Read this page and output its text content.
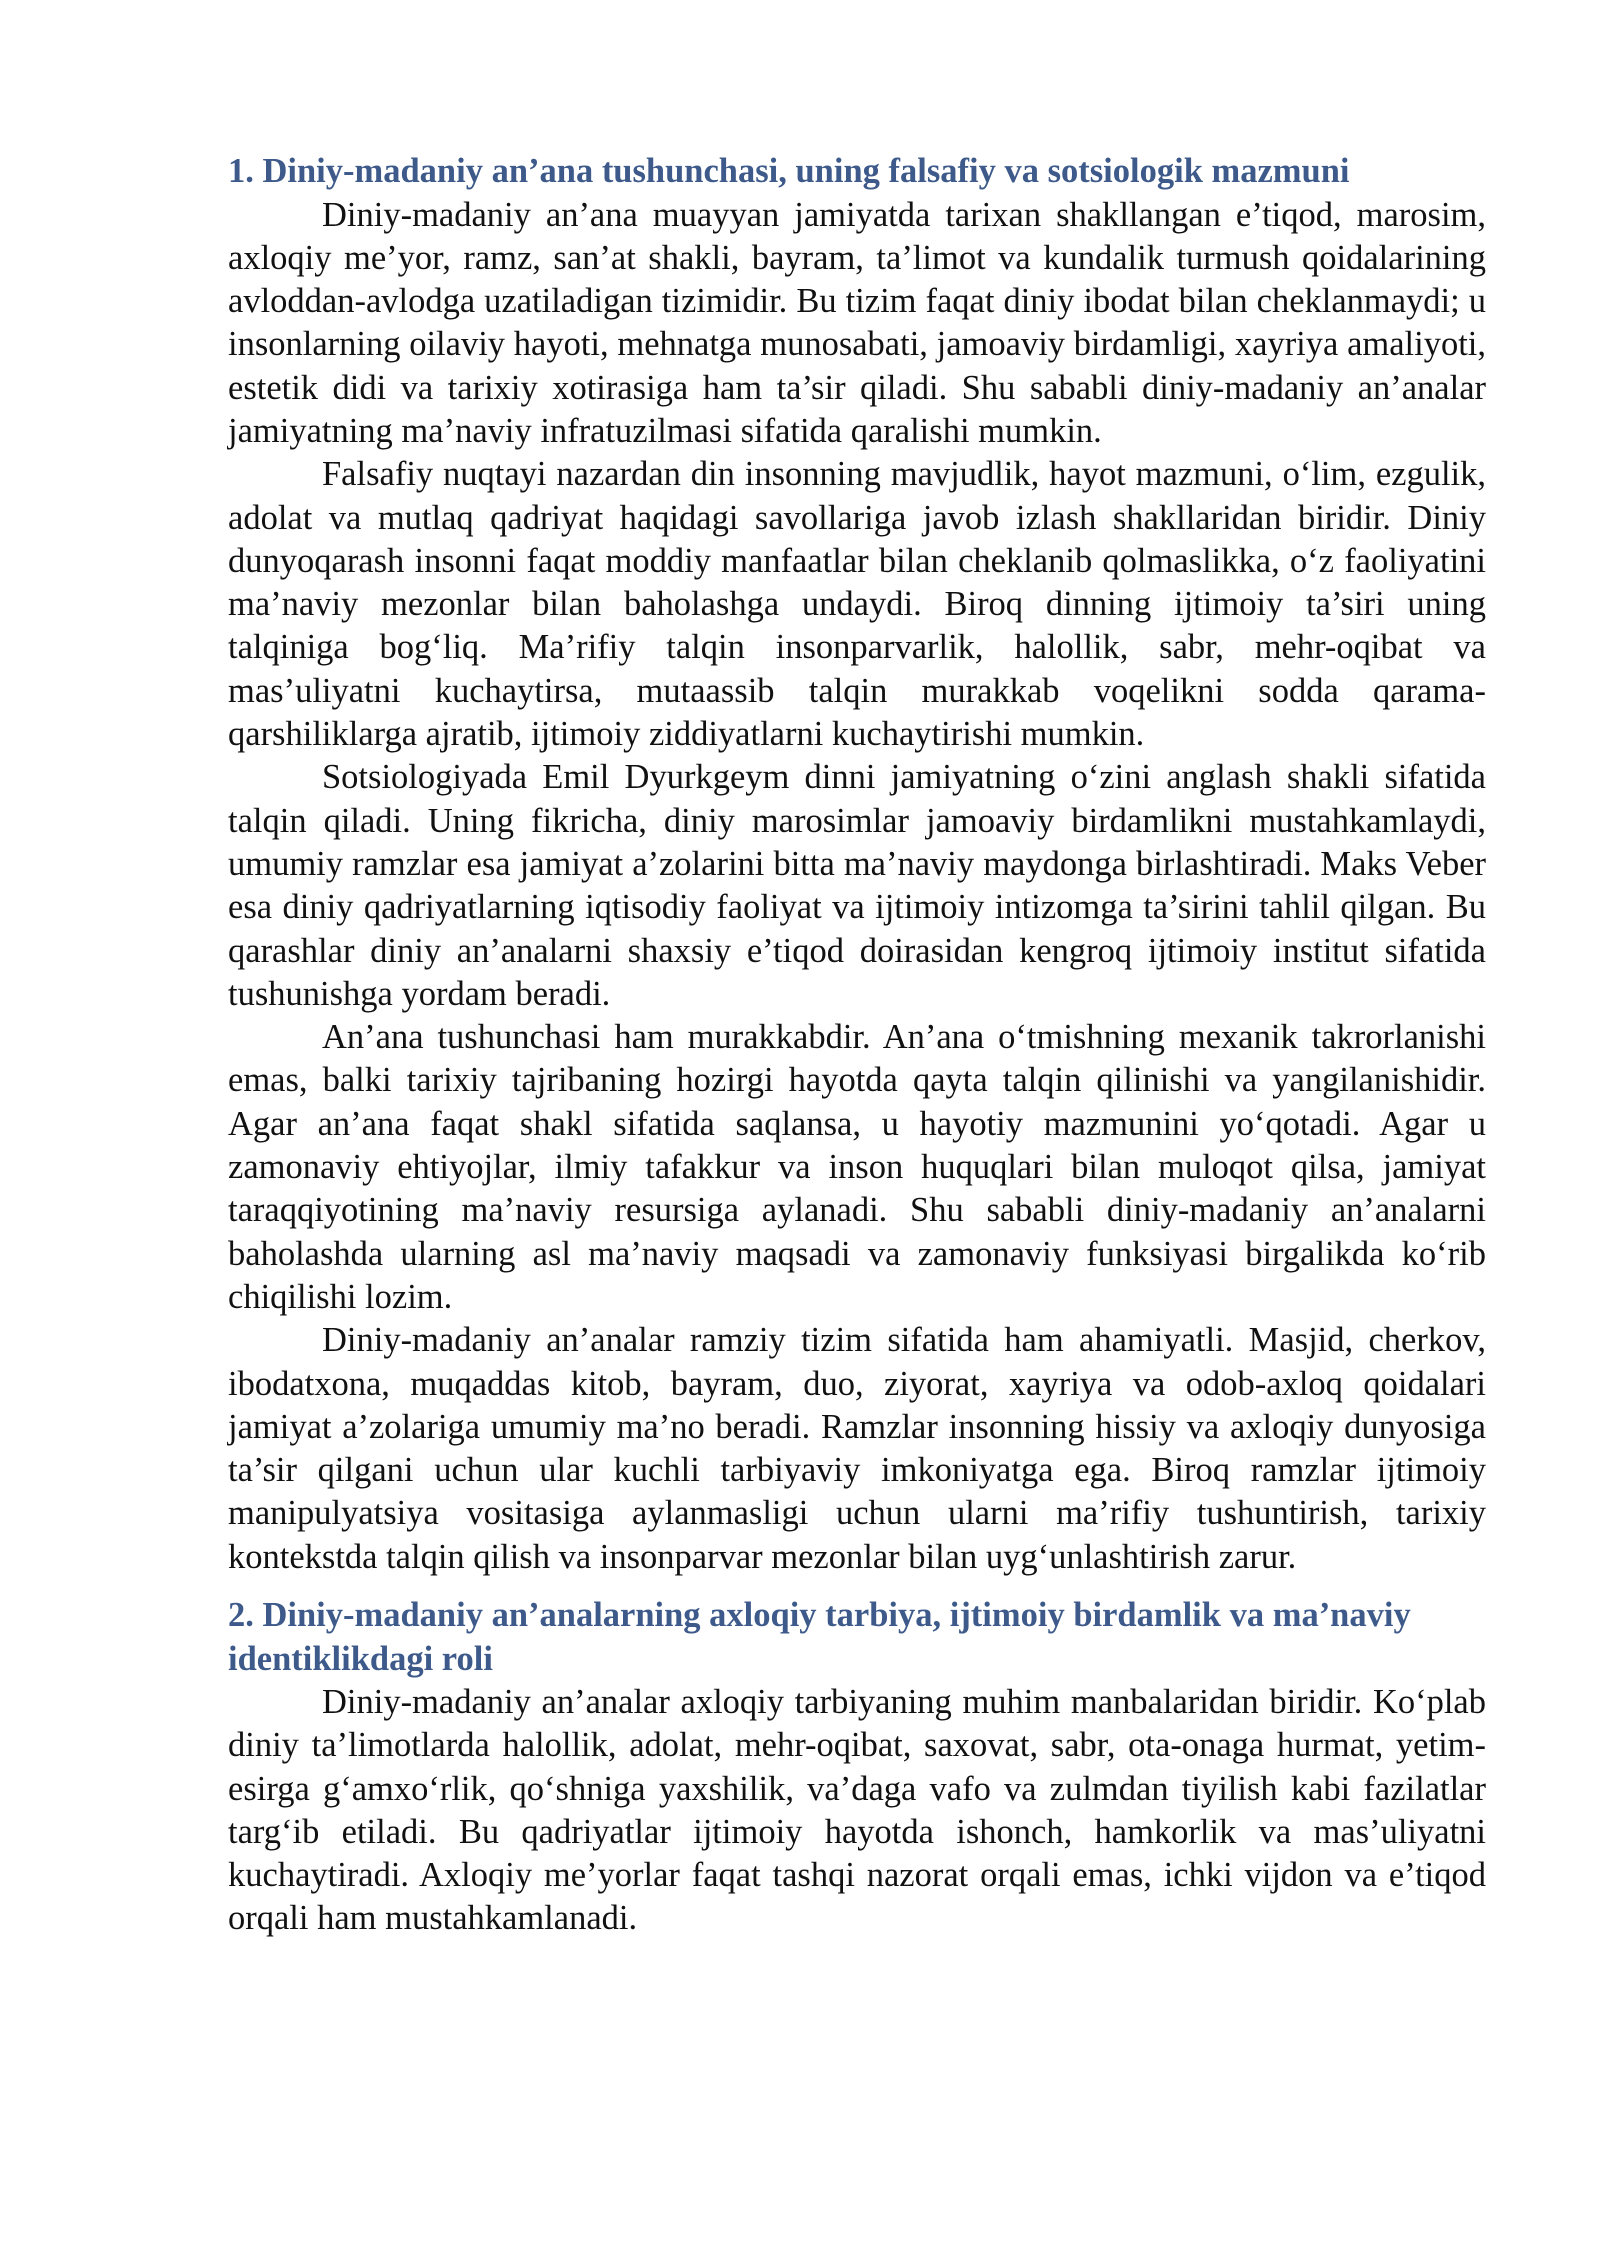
1. Diniy-madaniy an’ana tushunchasi, uning falsafiy va sotsiologik mazmuni

Diniy-madaniy an’ana muayyan jamiyatda tarixan shakllangan e’tiqod, marosim, axloqiy me’yor, ramz, san’at shakli, bayram, ta’limot va kundalik turmush qoidalarining avloddan-avlodga uzatiladigan tizimidir. Bu tizim faqat diniy ibodat bilan cheklanmaydi; u insonlarning oilaviy hayoti, mehnatga munosabati, jamoaviy birdamligi, xayriya amaliyoti, estetik didi va tarixiy xotirasiga ham ta’sir qiladi. Shu sababli diniy-madaniy an’analar jamiyatning ma’naviy infratuzilmasi sifatida qaralishi mumkin.

Falsafiy nuqtayi nazardan din insonning mavjudlik, hayot mazmuni, o‘lim, ezgulik, adolat va mutlaq qadriyat haqidagi savollariga javob izlash shakllaridan biridir. Diniy dunyoqarash insonni faqat moddiy manfaatlar bilan cheklanib qolmaslikka, o‘z faoliyatini ma’naviy mezonlar bilan baholashga undaydi. Biroq dinning ijtimoiy ta’siri uning talqiniga bog‘liq. Ma’rifiy talqin insonparvarlik, halollik, sabr, mehr-oqibat va mas’uliyatni kuchaytirsa, mutaassib talqin murakkab voqelikni sodda qarama-qarshiliklarga ajratib, ijtimoiy ziddiyatlarni kuchaytirishi mumkin.

Sotsiologiyada Emil Dyurkgeym dinni jamiyatning o‘zini anglash shakli sifatida talqin qiladi. Uning fikricha, diniy marosimlar jamoaviy birdamlikni mustahkamlaydi, umumiy ramzlar esa jamiyat a’zolarini bitta ma’naviy maydonga birlashtiradi. Maks Veber esa diniy qadriyatlarning iqtisodiy faoliyat va ijtimoiy intizomga ta’sirini tahlil qilgan. Bu qarashlar diniy an’analarni shaxsiy e’tiqod doirasidan kengroq ijtimoiy institut sifatida tushunishga yordam beradi.

An’ana tushunchasi ham murakkabdir. An’ana o‘tmishning mexanik takrorlanishi emas, balki tarixiy tajribaning hozirgi hayotda qayta talqin qilinishi va yangilanishidir. Agar an’ana faqat shakl sifatida saqlansa, u hayotiy mazmunini yo‘qotadi. Agar u zamonaviy ehtiyojlar, ilmiy tafakkur va inson huquqlari bilan muloqot qilsa, jamiyat taraqqiyotining ma’naviy resursiga aylanadi. Shu sababli diniy-madaniy an’analarni baholashda ularning asl ma’naviy maqsadi va zamonaviy funksiyasi birgalikda ko‘rib chiqilishi lozim.

Diniy-madaniy an’analar ramziy tizim sifatida ham ahamiyatli. Masjid, cherkov, ibodatxona, muqaddas kitob, bayram, duo, ziyorat, xayriya va odob-axloq qoidalari jamiyat a’zolariga umumiy ma’no beradi. Ramzlar insonning hissiy va axloqiy dunyosiga ta’sir qilgani uchun ular kuchli tarbiyaviy imkoniyatga ega. Biroq ramzlar ijtimoiy manipulyatsiya vositasiga aylanmasligi uchun ularni ma’rifiy tushuntirish, tarixiy kontekstda talqin qilish va insonparvar mezonlar bilan uyg‘unlashtirish zarur.

2. Diniy-madaniy an’analarning axloqiy tarbiya, ijtimoiy birdamlik va ma’naviy identiklikdagi roli

Diniy-madaniy an’analar axloqiy tarbiyaning muhim manbalaridan biridir. Ko‘plab diniy ta’limotlarda halollik, adolat, mehr-oqibat, saxovat, sabr, ota-onaga hurmat, yetim-esirga g‘amxo‘rlik, qo‘shniga yaxshilik, va’daga vafo va zulmdan tiyilish kabi fazilatlar targ‘ib etiladi. Bu qadriyatlar ijtimoiy hayotda ishonch, hamkorlik va mas’uliyatni kuchaytiradi. Axloqiy me’yorlar faqat tashqi nazorat orqali emas, ichki vijdon va e’tiqod orqali ham mustahkamlanadi.
